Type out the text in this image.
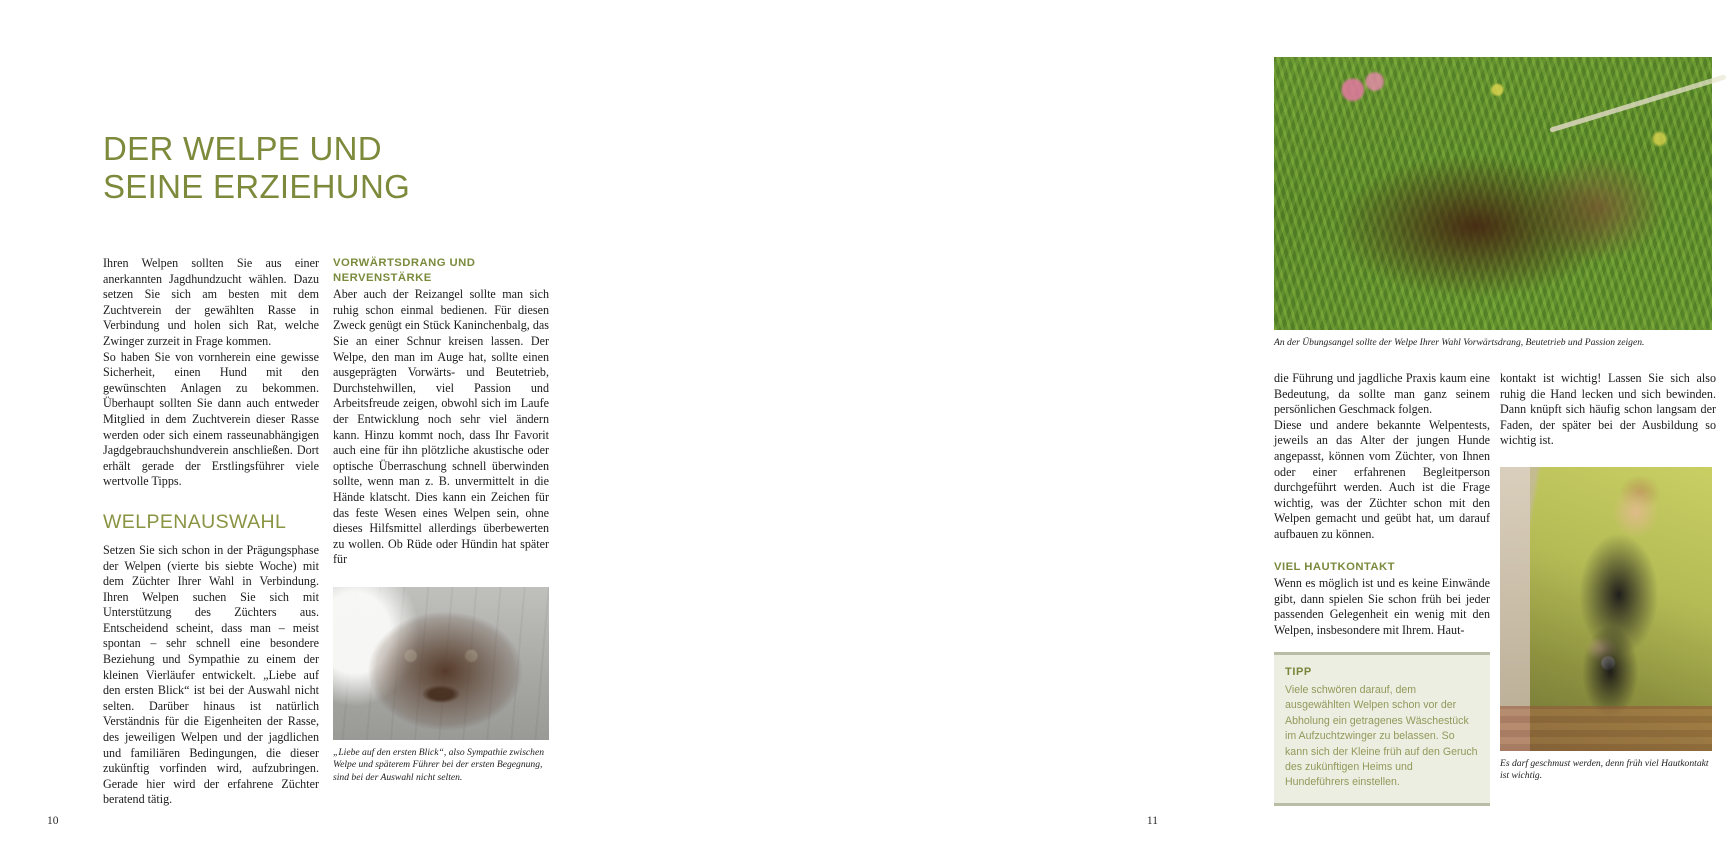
DER WELPE UND
SEINE ERZIEHUNG

Ihren Welpen sollten Sie aus einer anerkannten Jagdhundzucht wählen. Dazu setzen Sie sich am besten mit dem Zuchtverein der gewählten Rasse in Verbindung und holen sich Rat, welche Zwinger zurzeit in Frage kommen.

So haben Sie von vornherein eine gewisse Sicherheit, einen Hund mit den gewünschten Anlagen zu bekommen. Überhaupt sollten Sie dann auch entweder Mitglied in dem Zuchtverein dieser Rasse werden oder sich einem rasseunabhängigen Jagdgebrauchshundverein anschließen. Dort erhält gerade der Erstlingsführer viele wertvolle Tipps.

WELPENAUSWAHL

Setzen Sie sich schon in der Prägungsphase der Welpen (vierte bis siebte Woche) mit dem Züchter Ihrer Wahl in Verbindung. Ihren Welpen suchen Sie sich mit Unterstützung des Züchters aus. Entscheidend scheint, dass man – meist spontan – sehr schnell eine besondere Beziehung und Sympathie zu einem der kleinen Vierläufer entwickelt. „Liebe auf den ersten Blick“ ist bei der Auswahl nicht selten. Darüber hinaus ist natürlich Verständnis für die Eigenheiten der Rasse, des jeweiligen Welpen und der jagdlichen und familiären Bedingungen, die dieser zukünftig vorfinden wird, aufzubringen. Gerade hier wird der erfahrene Züchter beratend tätig.

VORWÄRTSDRANG UND NERVENSTÄRKE

Aber auch der Reizangel sollte man sich ruhig schon einmal bedienen. Für diesen Zweck genügt ein Stück Kaninchenbalg, das Sie an einer Schnur kreisen lassen. Der Welpe, den man im Auge hat, sollte einen ausgeprägten Vorwärts- und Beutetrieb, Durchstehwillen, viel Passion und Arbeitsfreude zeigen, obwohl sich im Laufe der Entwicklung noch sehr viel ändern kann. Hinzu kommt noch, dass Ihr Favorit auch eine für ihn plötzliche akustische oder optische Überraschung schnell überwinden sollte, wenn man z. B. unvermittelt in die Hände klatscht. Dies kann ein Zeichen für das feste Wesen eines Welpen sein, ohne dieses Hilfsmittel allerdings überbewerten zu wollen. Ob Rüde oder Hündin hat später für

„Liebe auf den ersten Blick“, also Sympathie zwischen Welpe und späterem Führer bei der ersten Begegnung, sind bei der Auswahl nicht selten.
10
An der Übungsangel sollte der Welpe Ihrer Wahl Vorwärtsdrang, Beutetrieb und Passion zeigen.

die Führung und jagdliche Praxis kaum eine Bedeutung, da sollte man ganz seinem persönlichen Geschmack folgen.

Diese und andere bekannte Welpentests, jeweils an das Alter der jungen Hunde angepasst, können vom Züchter, von Ihnen oder einer erfahrenen Begleitperson durchgeführt werden. Auch ist die Frage wichtig, was der Züchter schon mit den Welpen gemacht und geübt hat, um darauf aufbauen zu können.

VIEL HAUTKONTAKT

Wenn es möglich ist und es keine Einwände gibt, dann spielen Sie schon früh bei jeder passenden Gelegenheit ein wenig mit den Welpen, insbesondere mit Ihrem. Haut-

kontakt ist wichtig! Lassen Sie sich also ruhig die Hand lecken und sich bewinden. Dann knüpft sich häufig schon langsam der Faden, der später bei der Ausbildung so wichtig ist.

TIPP

Viele schwören darauf, dem ausgewählten Welpen schon vor der Abholung ein getragenes Wäschestück im Aufzuchtzwinger zu belassen. So kann sich der Kleine früh auf den Geruch des zukünftigen Heims und Hundeführers einstellen.

Es darf geschmust werden, denn früh viel Hautkontakt ist wichtig.
11
